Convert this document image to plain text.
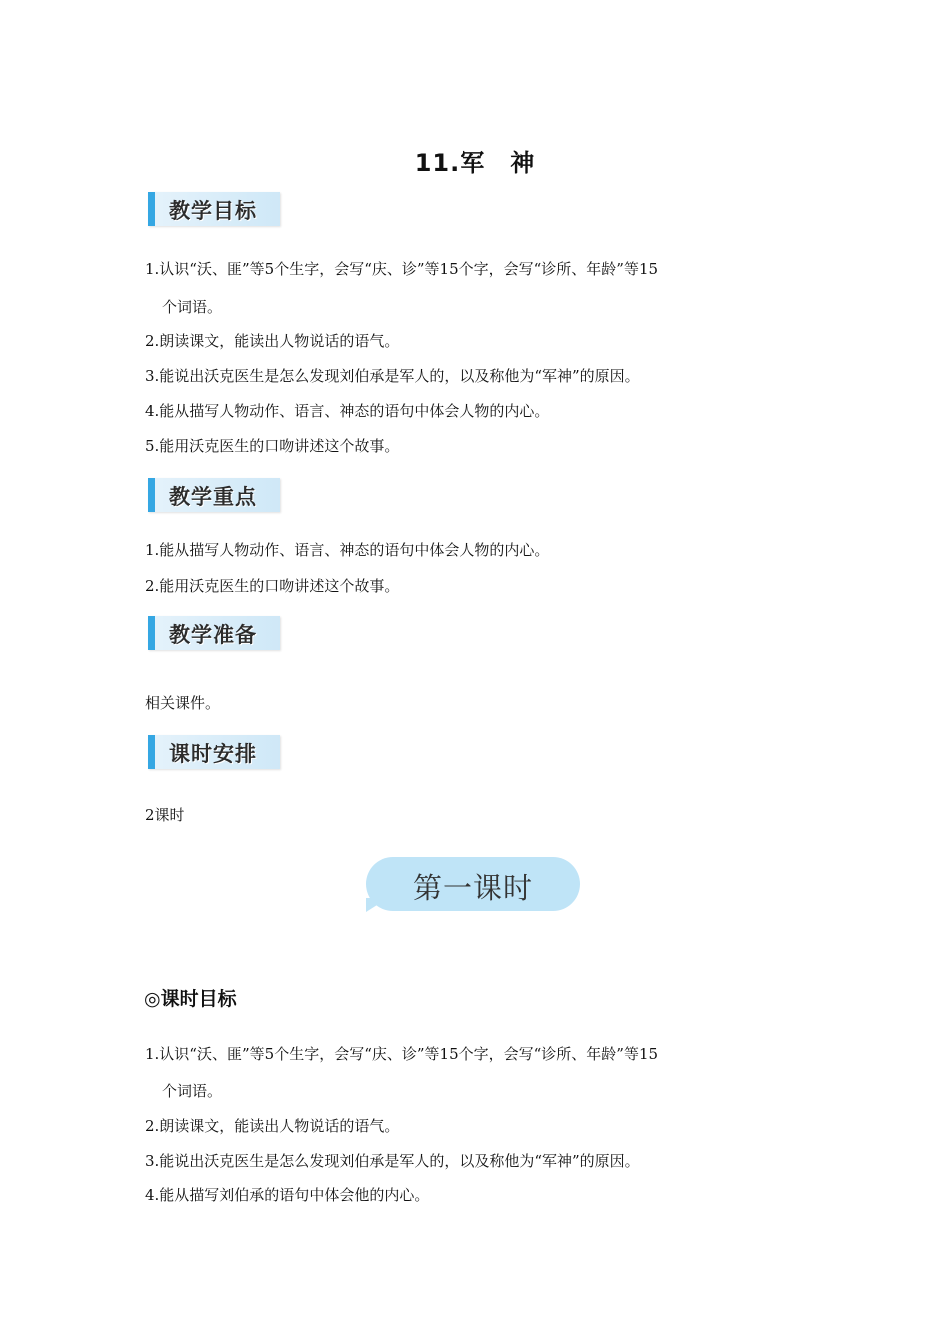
11.军　神
教学目标
1.认识“沃、匪”等5个生字，会写“庆、诊”等15个字，会写“诊所、年龄”等15
个词语。
2.朗读课文，能读出人物说话的语气。
3.能说出沃克医生是怎么发现刘伯承是军人的，以及称他为“军神”的原因。
4.能从描写人物动作、语言、神态的语句中体会人物的内心。
5.能用沃克医生的口吻讲述这个故事。
教学重点
1.能从描写人物动作、语言、神态的语句中体会人物的内心。
2.能用沃克医生的口吻讲述这个故事。
教学准备
相关课件。
课时安排
2课时
第一课时
◎课时目标
1.认识“沃、匪”等5个生字，会写“庆、诊”等15个字，会写“诊所、年龄”等15
个词语。
2.朗读课文，能读出人物说话的语气。
3.能说出沃克医生是怎么发现刘伯承是军人的，以及称他为“军神”的原因。
4.能从描写刘伯承的语句中体会他的内心。
